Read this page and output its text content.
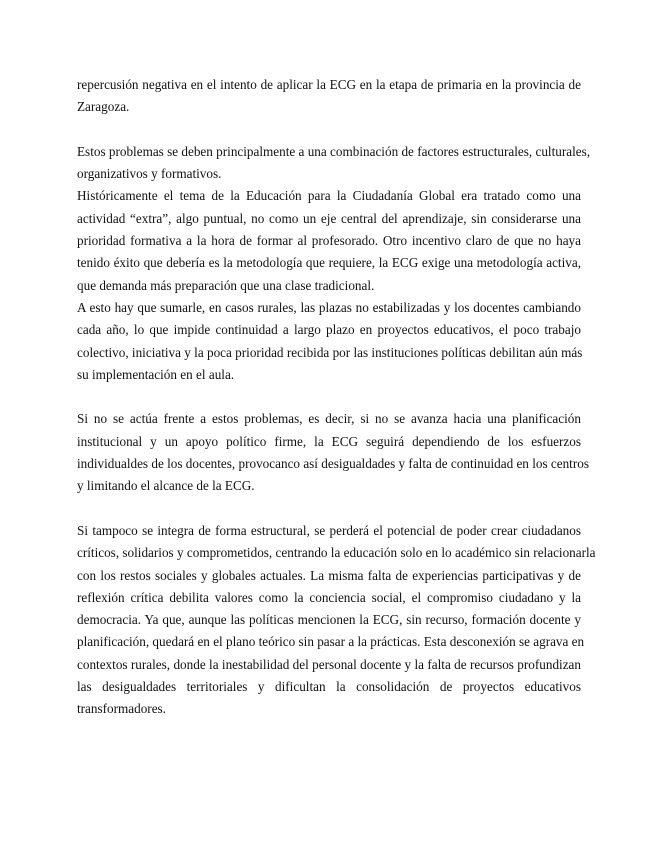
repercusión negativa en el intento de aplicar la ECG en la etapa de primaria en la provincia de
Zaragoza.
Estos problemas se deben principalmente a una combinación de factores estructurales, culturales,
organizativos y formativos.
Históricamente el tema de la Educación para la Ciudadanía Global era tratado como una
actividad “extra”, algo puntual, no como un eje central del aprendizaje, sin considerarse una
prioridad formativa a la hora de formar al profesorado. Otro incentivo claro de que no haya
tenido éxito que debería es la metodología que requiere, la ECG exige una metodología activa,
que demanda más preparación que una clase tradicional.
A esto hay que sumarle, en casos rurales, las plazas no estabilizadas y los docentes cambiando
cada año, lo que impide continuidad a largo plazo en proyectos educativos, el poco trabajo
colectivo, iniciativa y la poca prioridad recibida por las instituciones políticas debilitan aún más
su implementación en el aula.
Si no se actúa frente a estos problemas, es decir, si no se avanza hacia una planificación
institucional y un apoyo político firme, la ECG seguirá dependiendo de los esfuerzos
individualdes de los docentes, provocanco así desigualdades y falta de continuidad en los centros
y limitando el alcance de la ECG.
Si tampoco se integra de forma estructural, se perderá el potencial de poder crear ciudadanos
críticos, solidarios y comprometidos, centrando la educación solo en lo académico sin relacionarla
con los restos sociales y globales actuales. La misma falta de experiencias participativas y de
reflexión crítica debilita valores como la conciencia social, el compromiso ciudadano y la
democracia. Ya que, aunque las políticas mencionen la ECG, sin recurso, formación docente y
planificación, quedará en el plano teórico sin pasar a la prácticas. Esta desconexión se agrava en
contextos rurales, donde la inestabilidad del personal docente y la falta de recursos profundizan
las desigualdades territoriales y dificultan la consolidación de proyectos educativos
transformadores.
